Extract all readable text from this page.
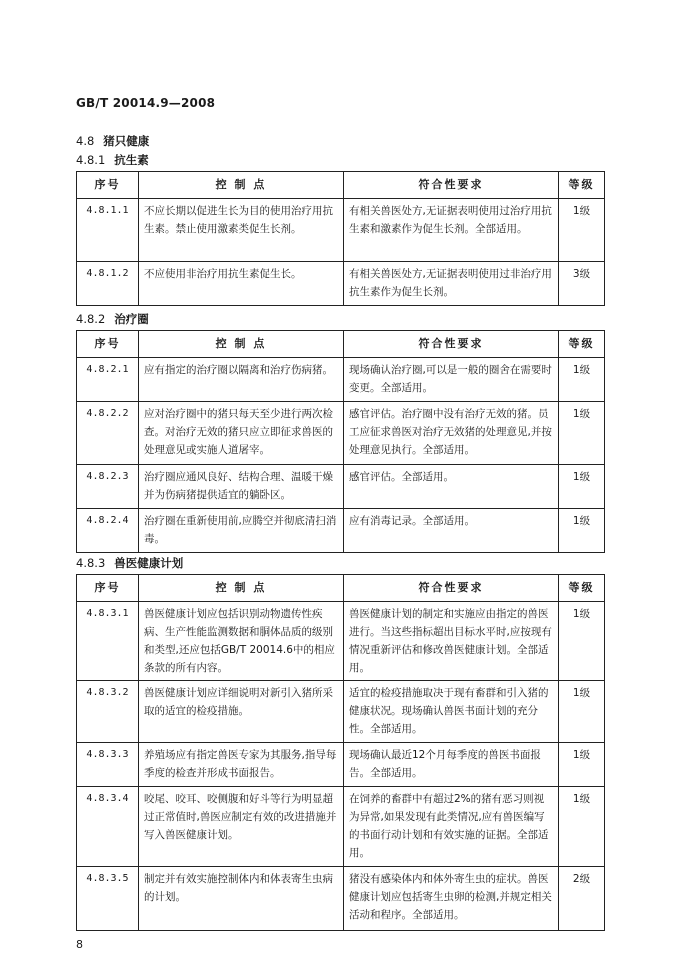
GB/T 20014.9—2008
4.8 猪只健康
4.8.1 抗生素
序号	控 制 点	符合性要求	等级
4.8.1.1	不应长期以促进生长为目的使用治疗用抗生素。禁止使用激素类促生长剂。	有相关兽医处方,无证据表明使用过治疗用抗生素和激素作为促生长剂。全部适用。	1级
4.8.1.2	不应使用非治疗用抗生素促生长。	有相关兽医处方,无证据表明使用过非治疗用抗生素作为促生长剂。	3级
4.8.2 治疗圈
序号	控 制 点	符合性要求	等级
4.8.2.1	应有指定的治疗圈以隔离和治疗伤病猪。	现场确认治疗圈,可以是一般的圈舍在需要时变更。全部适用。	1级
4.8.2.2	应对治疗圈中的猪只每天至少进行两次检查。对治疗无效的猪只应立即征求兽医的处理意见或实施人道屠宰。	感官评估。治疗圈中没有治疗无效的猪。员工应征求兽医对治疗无效猪的处理意见,并按处理意见执行。全部适用。	1级
4.8.2.3	治疗圈应通风良好、结构合理、温暖干燥并为伤病猪提供适宜的躺卧区。	感官评估。全部适用。	1级
4.8.2.4	治疗圈在重新使用前,应腾空并彻底清扫消毒。	应有消毒记录。全部适用。	1级
4.8.3 兽医健康计划
序号	控 制 点	符合性要求	等级
4.8.3.1	兽医健康计划应包括识别动物遗传性疾病、生产性能监测数据和胴体品质的级别和类型,还应包括GB/T 20014.6中的相应条款的所有内容。	兽医健康计划的制定和实施应由指定的兽医进行。当这些指标超出目标水平时,应按现有情况重新评估和修改兽医健康计划。全部适用。	1级
4.8.3.2	兽医健康计划应详细说明对新引入猪所采取的适宜的检疫措施。	适宜的检疫措施取决于现有畜群和引入猪的健康状况。现场确认兽医书面计划的充分性。全部适用。	1级
4.8.3.3	养殖场应有指定兽医专家为其服务,指导每季度的检查并形成书面报告。	现场确认最近12个月每季度的兽医书面报告。全部适用。	1级
4.8.3.4	咬尾、咬耳、咬侧腹和好斗等行为明显超过正常值时,兽医应制定有效的改进措施并写入兽医健康计划。	在饲养的畜群中有超过2%的猪有恶习则视为异常,如果发现有此类情况,应有兽医编写的书面行动计划和有效实施的证据。全部适用。	1级
4.8.3.5	制定并有效实施控制体内和体表寄生虫病的计划。	猪没有感染体内和体外寄生虫的症状。兽医健康计划应包括寄生虫卵的检测,并规定相关活动和程序。全部适用。	2级
8
